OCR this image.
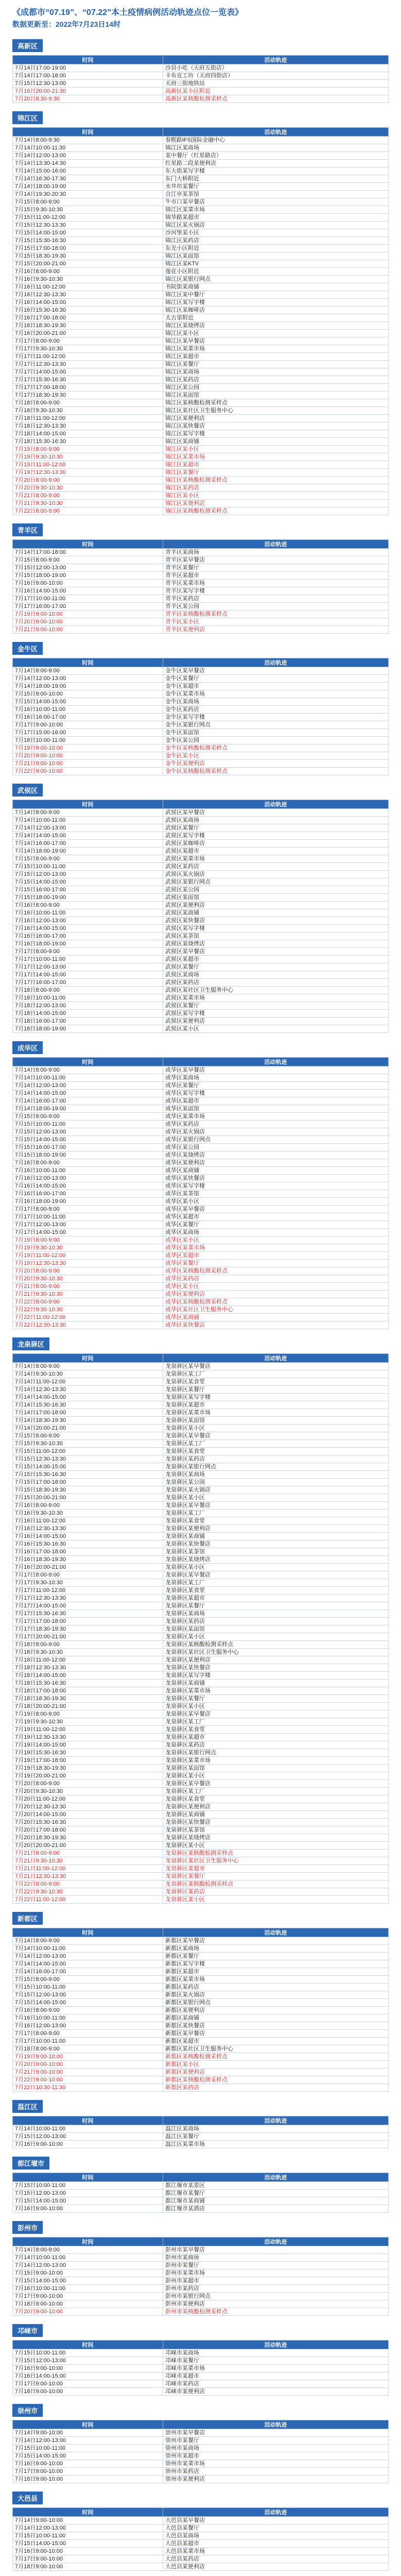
《成都市“07.19”、“07.22”本土疫情病例活动轨迹点位一览表》
数据更新至：2022年7月23日14时
高新区
时间	活动轨迹
7月14日17:00-19:00	沙县小吃（天府五街店）
7月14日17:00-18:00	卡布克工坊（天府四街店）
7月15日12:30-13:00	天府三街地铁站
7月16日20:00-21:30	高新区某小区附近
7月20日8:30-9:30	高新区某核酸检测采样点
锦江区
时间	活动轨迹
7月14日8:00-9:30	春熙路IFS国际金融中心
7月14日10:00-11:30	锦江区某商场
7月14日12:00-13:00	某中餐厅（红星路店）
7月14日13:30-14:30	红星路二段某便利店
7月14日15:00-16:00	东大街某写字楼
7月14日16:30-17:30	东门大桥附近
7月14日18:00-19:00	水井坊某餐厅
7月14日19:30-20:30	合江亭某茶馆
7月15日8:00-9:00	牛市口某早餐店
7月15日9:30-10:30	锦江区某菜市场
7月15日11:00-12:00	锦华路某超市
7月15日12:30-13:30	锦江区某火锅店
7月15日14:00-15:00	沙河堡某小区
7月15日15:30-16:30	锦江区某药店
7月15日17:00-18:00	东光小区附近
7月15日18:30-19:30	锦江区某面馆
7月15日20:00-21:00	锦江区某KTV
7月16日8:00-9:00	莲花小区附近
7月16日9:30-10:30	锦江区某银行网点
7月16日11:00-12:00	书院街某商铺
7月16日12:30-13:30	锦江区某中餐厅
7月16日14:00-15:00	锦江区某写字楼
7月16日15:30-16:30	锦江区某咖啡店
7月16日17:00-18:00	太古里附近
7月16日18:30-19:30	锦江区某烧烤店
7月16日20:00-21:00	锦江区某小区
7月17日8:00-9:00	锦江区某早餐店
7月17日9:30-10:30	锦江区某菜市场
7月17日11:00-12:00	锦江区某超市
7月17日12:30-13:30	锦江区某餐厅
7月17日14:00-15:00	锦江区某商场
7月17日15:30-16:30	锦江区某药店
7月17日17:00-18:00	锦江区某公园
7月17日18:30-19:30	锦江区某面馆
7月18日8:00-9:00	锦江区某核酸检测采样点
7月18日9:30-10:30	锦江区某社区卫生服务中心
7月18日11:00-12:00	锦江区某便利店
7月18日12:30-13:30	锦江区某快餐店
7月18日14:00-15:00	锦江区某写字楼
7月18日15:30-16:30	锦江区某商铺
7月19日8:00-9:00	锦江区某小区
7月19日9:30-10:30	锦江区某菜市场
7月19日11:00-12:00	锦江区某超市
7月19日12:30-13:30	锦江区某餐厅
7月20日8:00-9:00	锦江区某核酸检测采样点
7月20日9:30-10:30	锦江区某药店
7月21日8:00-9:00	锦江区某小区
7月21日9:30-10:30	锦江区某便利店
7月22日8:00-9:00	锦江区某核酸检测采样点
青羊区
时间	活动轨迹
7月14日17:00-18:00	青羊区某商场
7月15日8:00-9:00	青羊区某早餐店
7月15日12:00-13:00	青羊区某餐厅
7月15日18:00-19:00	青羊区某超市
7月16日9:00-10:00	青羊区某菜市场
7月16日14:00-15:00	青羊区某写字楼
7月17日10:00-11:00	青羊区某药店
7月17日16:00-17:00	青羊区某公园
7月19日9:00-10:00	青羊区某核酸检测采样点
7月20日9:00-10:00	青羊区某小区
7月21日9:00-10:00	青羊区某便利店
金牛区
时间	活动轨迹
7月14日8:00-9:00	金牛区某早餐店
7月14日12:00-13:00	金牛区某餐厅
7月14日18:00-19:00	金牛区某超市
7月15日9:00-10:00	金牛区某菜市场
7月15日14:00-15:00	金牛区某商场
7月16日10:00-11:00	金牛区某药店
7月16日16:00-17:00	金牛区某写字楼
7月17日9:00-10:00	金牛区某银行网点
7月17日15:00-16:00	金牛区某面馆
7月18日10:00-11:00	金牛区某公园
7月19日9:00-10:00	金牛区某核酸检测采样点
7月20日9:00-10:00	金牛区某小区
7月21日9:00-10:00	金牛区某便利店
7月22日9:00-10:00	金牛区某核酸检测采样点
武侯区
时间	活动轨迹
7月14日8:00-9:00	武侯区某早餐店
7月14日10:00-11:00	武侯区某商场
7月14日12:00-13:00	武侯区某餐厅
7月14日14:00-15:00	武侯区某写字楼
7月14日16:00-17:00	武侯区某咖啡店
7月14日18:00-19:00	武侯区某超市
7月15日8:00-9:00	武侯区某菜市场
7月15日10:00-11:00	武侯区某药店
7月15日12:00-13:00	武侯区某火锅店
7月15日14:00-15:00	武侯区某银行网点
7月15日16:00-17:00	武侯区某公园
7月15日18:00-19:00	武侯区某面馆
7月16日8:00-9:00	武侯区某便利店
7月16日10:00-11:00	武侯区某商铺
7月16日12:00-13:00	武侯区某快餐店
7月16日14:00-15:00	武侯区某写字楼
7月16日16:00-17:00	武侯区某茶馆
7月16日18:00-19:00	武侯区某烧烤店
7月17日8:00-9:00	武侯区某早餐店
7月17日10:00-11:00	武侯区某超市
7月17日12:00-13:00	武侯区某餐厅
7月17日14:00-15:00	武侯区某商场
7月17日16:00-17:00	武侯区某药店
7月18日8:00-9:00	武侯区某社区卫生服务中心
7月18日10:00-11:00	武侯区某菜市场
7月18日12:00-13:00	武侯区某餐厅
7月18日14:00-15:00	武侯区某写字楼
7月18日16:00-17:00	武侯区某便利店
7月18日18:00-19:00	武侯区某小区
成华区
时间	活动轨迹
7月14日8:00-9:00	成华区某早餐店
7月14日10:00-11:00	成华区某商场
7月14日12:00-13:00	成华区某餐厅
7月14日14:00-15:00	成华区某写字楼
7月14日16:00-17:00	成华区某超市
7月14日18:00-19:00	成华区某面馆
7月15日8:00-9:00	成华区某菜市场
7月15日10:00-11:00	成华区某药店
7月15日12:00-13:00	成华区某火锅店
7月15日14:00-15:00	成华区某银行网点
7月15日16:00-17:00	成华区某公园
7月15日18:00-19:00	成华区某烧烤店
7月16日8:00-9:00	成华区某便利店
7月16日10:00-11:00	成华区某商铺
7月16日12:00-13:00	成华区某快餐店
7月16日14:00-15:00	成华区某写字楼
7月16日16:00-17:00	成华区某茶馆
7月16日18:00-19:00	成华区某小区
7月17日8:00-9:00	成华区某早餐店
7月17日10:00-11:00	成华区某超市
7月17日12:00-13:00	成华区某餐厅
7月17日14:00-15:00	成华区某商场
7月19日8:00-9:00	成华区某小区
7月19日9:30-10:30	成华区某菜市场
7月19日11:00-12:00	成华区某超市
7月19日12:30-13:30	成华区某餐厅
7月20日8:00-9:00	成华区某核酸检测采样点
7月20日9:30-10:30	成华区某药店
7月21日8:00-9:00	成华区某小区
7月21日9:30-10:30	成华区某便利店
7月22日8:00-9:00	成华区某核酸检测采样点
7月22日9:30-10:30	成华区某社区卫生服务中心
7月22日11:00-12:00	成华区某商铺
7月22日12:30-13:30	成华区某快餐店
龙泉驿区
时间	活动轨迹
7月14日8:00-9:00	龙泉驿区某早餐店
7月14日9:30-10:30	龙泉驿区某工厂
7月14日11:00-12:00	龙泉驿区某食堂
7月14日12:30-13:30	龙泉驿区某餐厅
7月14日14:00-15:00	龙泉驿区某写字楼
7月14日15:30-16:30	龙泉驿区某超市
7月14日17:00-18:00	龙泉驿区某菜市场
7月14日18:30-19:30	龙泉驿区某面馆
7月14日20:00-21:00	龙泉驿区某小区
7月15日8:00-9:00	龙泉驿区某早餐店
7月15日9:30-10:30	龙泉驿区某工厂
7月15日11:00-12:00	龙泉驿区某食堂
7月15日12:30-13:30	龙泉驿区某药店
7月15日14:00-15:00	龙泉驿区某银行网点
7月15日15:30-16:30	龙泉驿区某商场
7月15日17:00-18:00	龙泉驿区某公园
7月15日18:30-19:30	龙泉驿区某火锅店
7月15日20:00-21:00	龙泉驿区某小区
7月16日8:00-9:00	龙泉驿区某早餐店
7月16日9:30-10:30	龙泉驿区某工厂
7月16日11:00-12:00	龙泉驿区某食堂
7月16日12:30-13:30	龙泉驿区某便利店
7月16日14:00-15:00	龙泉驿区某商铺
7月16日15:30-16:30	龙泉驿区某快餐店
7月16日17:00-18:00	龙泉驿区某茶馆
7月16日18:30-19:30	龙泉驿区某烧烤店
7月16日20:00-21:00	龙泉驿区某小区
7月17日8:00-9:00	龙泉驿区某早餐店
7月17日9:30-10:30	龙泉驿区某工厂
7月17日11:00-12:00	龙泉驿区某食堂
7月17日12:30-13:30	龙泉驿区某超市
7月17日14:00-15:00	龙泉驿区某餐厅
7月17日15:30-16:30	龙泉驿区某商场
7月17日17:00-18:00	龙泉驿区某药店
7月17日18:30-19:30	龙泉驿区某面馆
7月17日20:00-21:00	龙泉驿区某小区
7月18日8:00-9:00	龙泉驿区某核酸检测采样点
7月18日9:30-10:30	龙泉驿区某社区卫生服务中心
7月18日11:00-12:00	龙泉驿区某便利店
7月18日12:30-13:30	龙泉驿区某快餐店
7月18日14:00-15:00	龙泉驿区某写字楼
7月18日15:30-16:30	龙泉驿区某商铺
7月18日17:00-18:00	龙泉驿区某菜市场
7月18日18:30-19:30	龙泉驿区某餐厅
7月18日20:00-21:00	龙泉驿区某小区
7月19日8:00-9:00	龙泉驿区某早餐店
7月19日9:30-10:30	龙泉驿区某工厂
7月19日11:00-12:00	龙泉驿区某食堂
7月19日12:30-13:30	龙泉驿区某超市
7月19日14:00-15:00	龙泉驿区某药店
7月19日15:30-16:30	龙泉驿区某银行网点
7月19日17:00-18:00	龙泉驿区某菜市场
7月19日18:30-19:30	龙泉驿区某面馆
7月19日20:00-21:00	龙泉驿区某小区
7月20日8:00-9:00	龙泉驿区某早餐店
7月20日9:30-10:30	龙泉驿区某工厂
7月20日11:00-12:00	龙泉驿区某食堂
7月20日12:30-13:30	龙泉驿区某便利店
7月20日14:00-15:00	龙泉驿区某商铺
7月20日15:30-16:30	龙泉驿区某快餐店
7月20日17:00-18:00	龙泉驿区某茶馆
7月20日18:30-19:30	龙泉驿区某烧烤店
7月20日20:00-21:00	龙泉驿区某小区
7月21日8:00-9:00	龙泉驿区某核酸检测采样点
7月21日9:30-10:30	龙泉驿区某社区卫生服务中心
7月21日11:00-12:00	龙泉驿区某超市
7月21日12:30-13:30	龙泉驿区某餐厅
7月22日8:00-9:00	龙泉驿区某核酸检测采样点
7月22日9:30-10:30	龙泉驿区某药店
7月22日11:00-12:00	龙泉驿区某小区
新都区
时间	活动轨迹
7月14日8:00-9:00	新都区某早餐店
7月14日10:00-11:00	新都区某商场
7月14日12:00-13:00	新都区某餐厅
7月14日14:00-15:00	新都区某写字楼
7月14日16:00-17:00	新都区某超市
7月15日8:00-9:00	新都区某菜市场
7月15日10:00-11:00	新都区某药店
7月15日12:00-13:00	新都区某火锅店
7月15日14:00-15:00	新都区某银行网点
7月16日8:00-9:00	新都区某便利店
7月16日10:00-11:00	新都区某商铺
7月16日12:00-13:00	新都区某快餐店
7月17日8:00-9:00	新都区某早餐店
7月17日10:00-11:00	新都区某超市
7月18日8:00-9:00	新都区某社区卫生服务中心
7月19日9:00-10:00	新都区某核酸检测采样点
7月20日9:00-10:00	新都区某小区
7月21日9:00-10:00	新都区某便利店
7月22日9:00-10:00	新都区某核酸检测采样点
7月22日10:30-11:30	新都区某药店
温江区
时间	活动轨迹
7月14日10:00-11:00	温江区某商场
7月15日12:00-13:00	温江区某餐厅
7月16日9:00-10:00	温江区某菜市场
都江堰市
时间	活动轨迹
7月15日10:00-11:00	都江堰市某景区
7月15日12:00-13:00	都江堰市某餐厅
7月15日14:00-15:00	都江堰市某商铺
7月16日9:00-10:00	都江堰市某酒店
彭州市
时间	活动轨迹
7月14日8:00-9:00	彭州市某早餐店
7月14日10:00-11:00	彭州市某商场
7月14日12:00-13:00	彭州市某餐厅
7月15日9:00-10:00	彭州市某菜市场
7月15日14:00-15:00	彭州市某超市
7月16日10:00-11:00	彭州市某药店
7月17日9:00-10:00	彭州市某银行网点
7月18日9:00-10:00	彭州市某便利店
7月20日9:00-10:00	彭州市某核酸检测采样点
邛崃市
时间	活动轨迹
7月15日10:00-11:00	邛崃市某商场
7月15日12:00-13:00	邛崃市某餐厅
7月16日9:00-10:00	邛崃市某菜市场
7月16日14:00-15:00	邛崃市某超市
7月17日9:00-10:00	邛崃市某药店
7月18日9:00-10:00	邛崃市某便利店
崇州市
时间	活动轨迹
7月14日9:00-10:00	崇州市某早餐店
7月14日12:00-13:00	崇州市某餐厅
7月15日10:00-11:00	崇州市某商场
7月15日14:00-15:00	崇州市某超市
7月16日9:00-10:00	崇州市某菜市场
7月17日9:00-10:00	崇州市某药店
7月18日9:00-10:00	崇州市某便利店
大邑县
时间	活动轨迹
7月14日9:00-10:00	大邑县某早餐店
7月14日12:00-13:00	大邑县某餐厅
7月15日10:00-11:00	大邑县某商场
7月15日14:00-15:00	大邑县某超市
7月16日9:00-10:00	大邑县某菜市场
7月17日9:00-10:00	大邑县某药店
7月18日9:00-10:00	大邑县某便利店
